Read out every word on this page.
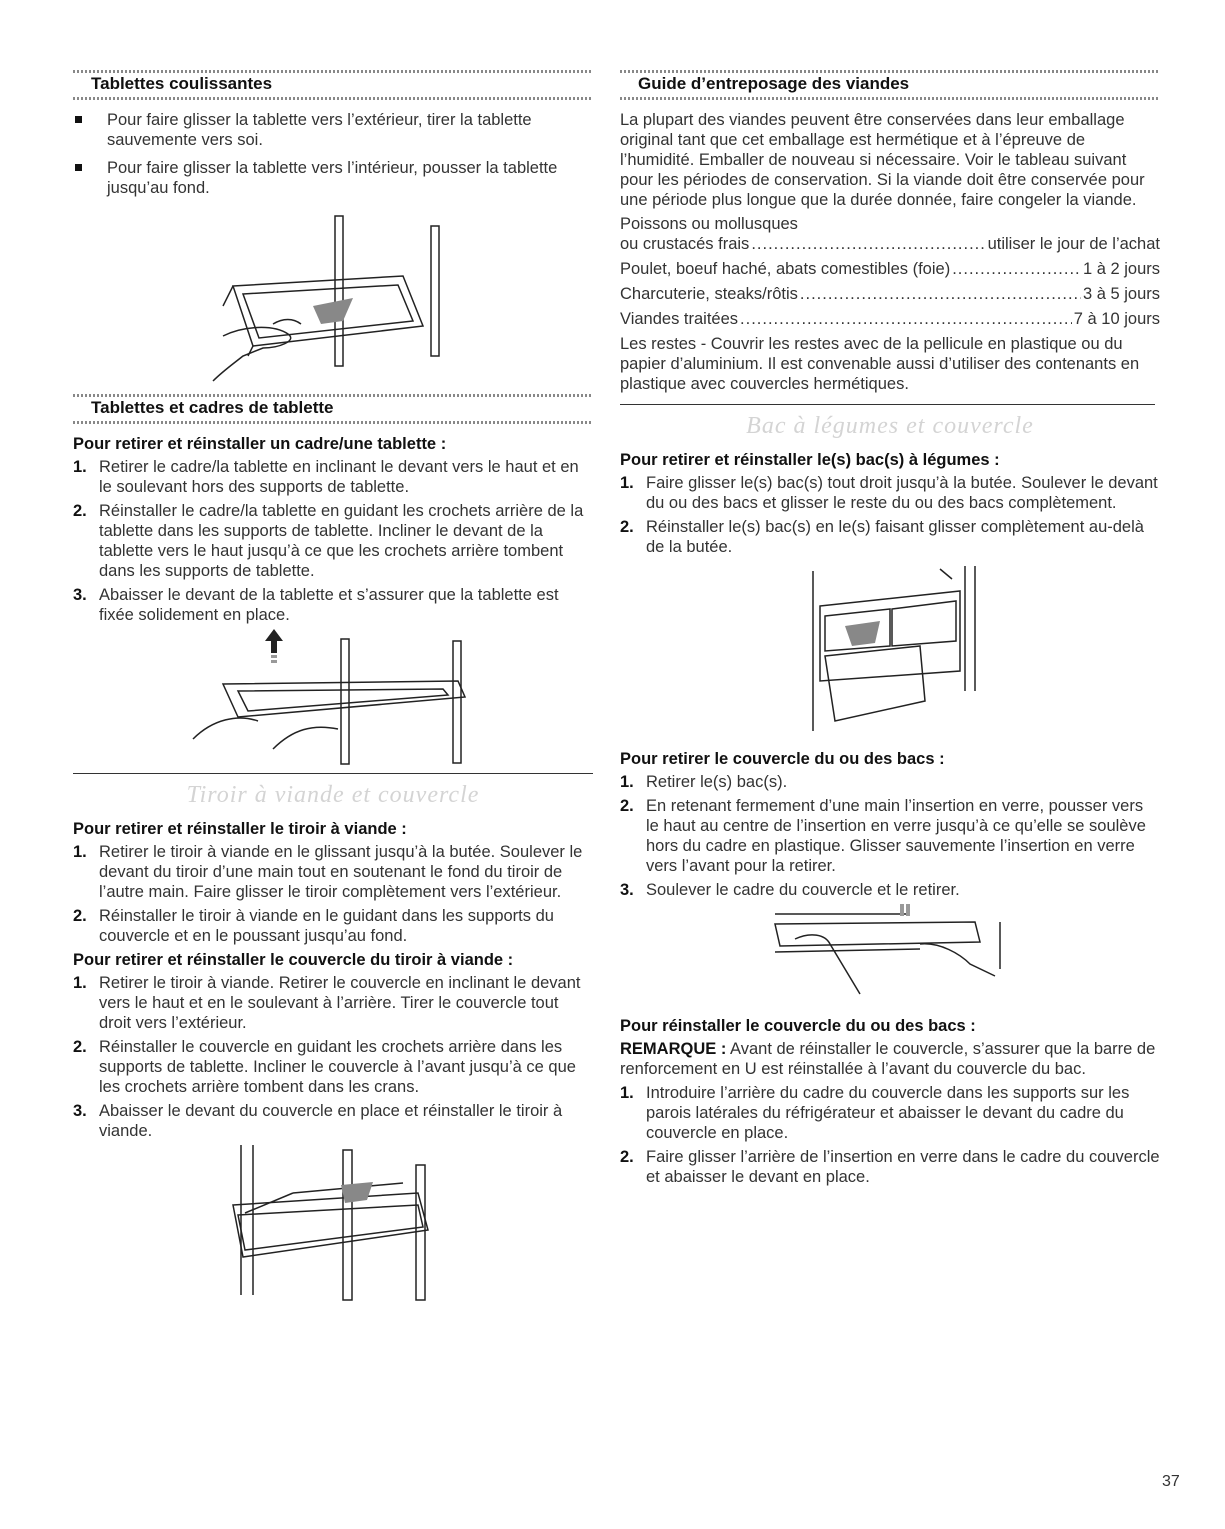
Tablettes coulissantes
Pour faire glisser la tablette vers l’extérieur, tirer la tablette sauvemente vers soi.
Pour faire glisser la tablette vers l’intérieur, pousser la tablette jusqu’au fond.
Tablettes et cadres de tablette
Pour retirer et réinstaller un cadre/une tablette :
1. Retirer le cadre/la tablette en inclinant le devant vers le haut et en le soulevant hors des supports de tablette.
2. Réinstaller le cadre/la tablette en guidant les crochets arrière de la tablette dans les supports de tablette. Incliner le devant de la tablette vers le haut jusqu’à ce que les crochets arrière tombent dans les supports de tablette.
3. Abaisser le devant de la tablette et s’assurer que la tablette est fixée solidement en place.
Tiroir à viande et couvercle
Pour retirer et réinstaller le tiroir à viande :
1. Retirer le tiroir à viande en le glissant jusqu’à la butée. Soulever le devant du tiroir d’une main tout en soutenant le fond du tiroir de l’autre main. Faire glisser le tiroir complètement vers l’extérieur.
2. Réinstaller le tiroir à viande en le guidant dans les supports du couvercle et en le poussant jusqu’au fond.
Pour retirer et réinstaller le couvercle du tiroir à viande :
1. Retirer le tiroir à viande. Retirer le couvercle en inclinant le devant vers le haut et en le soulevant à l’arrière. Tirer le couvercle tout droit vers l’extérieur.
2. Réinstaller le couvercle en guidant les crochets arrière dans les supports de tablette. Incliner le couvercle à l’avant jusqu’à ce que les crochets arrière tombent dans les crans.
3. Abaisser le devant du couvercle en place et réinstaller le tiroir à viande.
Guide d’entreposage des viandes
La plupart des viandes peuvent être conservées dans leur emballage original tant que cet emballage est hermétique et à l’épreuve de l’humidité. Emballer de nouveau si nécessaire. Voir le tableau suivant pour les périodes de conservation. Si la viande doit être conservée pour une période plus longue que la durée donnée, faire congeler la viande.
Poissons ou mollusques
ou crustacés frais .....	utiliser le jour de l’achat
Poulet, boeuf haché, abats comestibles (foie) .....	1 à 2 jours
Charcuterie, steaks/rôtis .....	3 à 5 jours
Viandes traitées .....	7 à 10 jours
Les restes - Couvrir les restes avec de la pellicule en plastique ou du papier d’aluminium. Il est convenable aussi d’utiliser des contenants en plastique avec couvercles hermétiques.
Bac à légumes et couvercle
Pour retirer et réinstaller le(s) bac(s) à légumes :
1. Faire glisser le(s) bac(s) tout droit jusqu’à la butée. Soulever le devant du ou des bacs et glisser le reste du ou des bacs complètement.
2. Réinstaller le(s) bac(s) en le(s) faisant glisser complètement au-delà de la butée.
Pour retirer le couvercle du ou des bacs :
1. Retirer le(s) bac(s).
2. En retenant fermement d’une main l’insertion en verre, pousser vers le haut au centre de l’insertion en verre jusqu’à ce qu’elle se soulève hors du cadre en plastique. Glisser sauvemente l’insertion en verre vers l’avant pour la retirer.
3. Soulever le cadre du couvercle et le retirer.
Pour réinstaller le couvercle du ou des bacs :
REMARQUE : Avant de réinstaller le couvercle, s’assurer que la barre de renforcement en U est réinstallée à l’avant du couvercle du bac.
1. Introduire l’arrière du cadre du couvercle dans les supports sur les parois latérales du réfrigérateur et abaisser le devant du cadre du couvercle en place.
2. Faire glisser l’arrière de l’insertion en verre dans le cadre du couvercle et abaisser le devant en place.
37
